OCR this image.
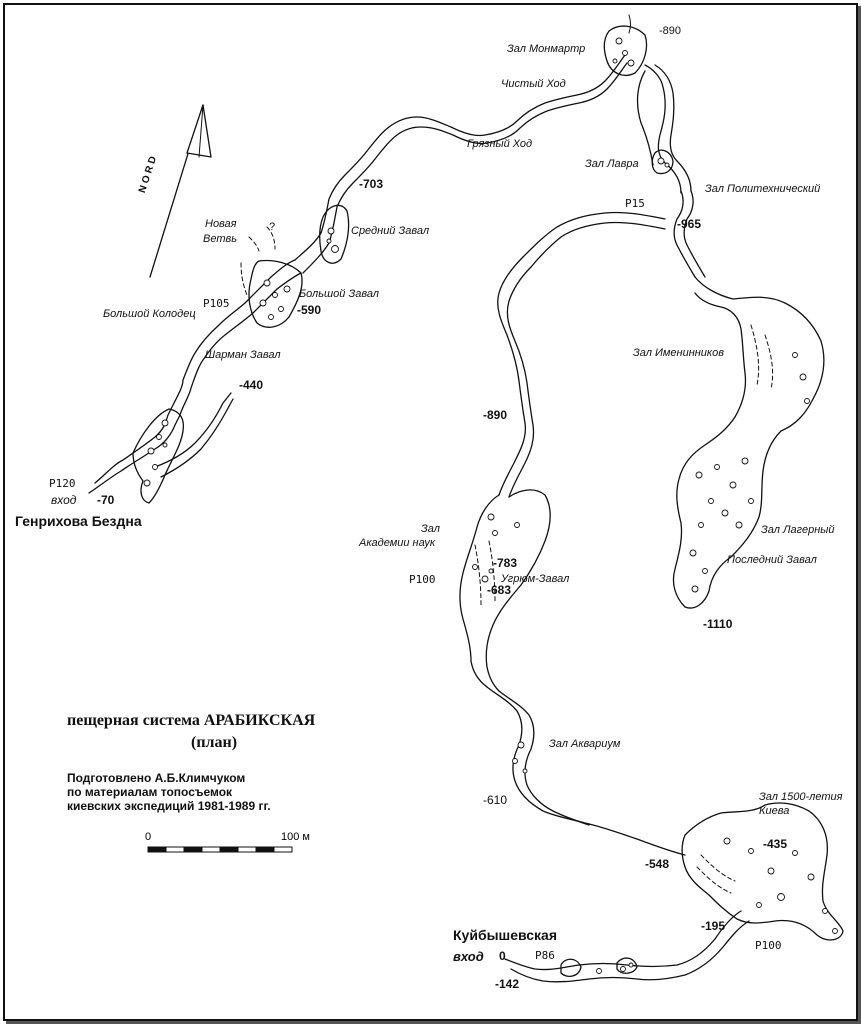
N O R D
Зал Монмартр
Чистый Ход
Грязный Ход
Зал Лавра
Зал Политехнический
Средний Завал
Новая
Ветвь
?
Большой Завал
Большой Колодец
Шарман Завал	Зал Именинников
Зал Лагерный
Последний Завал
Зал
Академии наук
Угрюм-Завал
Зал Аквариум
Зал 1500-летия
Киева
-890
-703
-965
-590
-440
-70
-890
-783
-683
-1110
-610
-548
-435
-195
-142
0
P15
P105
P120
P100
P86
P100
вход
Генрихова Бездна
Куйбышевская
вход
пещерная система АРАБИКСКАЯ
(план)
Подготовлено А.Б.Климчуком
по материалам топосъемок
киевских экспедиций 1981-1989 гг.
0	100 м
